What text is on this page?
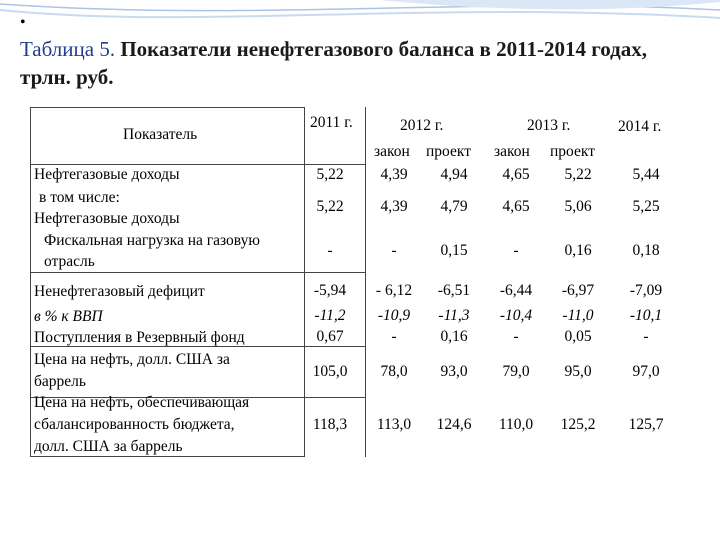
•
Таблица 5. Показатели ненефтегазового баланса в 2011-2014 годах, трлн. руб.
Показатель
2011 г.	2012 г.	2013 г.	2014 г.
закон проект закон проект
Нефтегазовые доходы	5,22	4,39	4,94	4,65	5,22	5,44
в том числе:
Нефтегазовые доходы
5,22	4,39	4,79	4,65	5,06	5,25
Фискальная нагрузка на газовую
отрасль
-	-	0,15	-	0,16	0,18
Ненефтегазовый дефицит	-5,94	- 6,12	-6,51	-6,44	-6,97	-7,09
в % к ВВП	-11,2	-10,9	-11,3	-10,4	-11,0	-10,1
Поступления в Резервный фонд	0,67	-	0,16	-	0,05	-
Цена на нефть, долл. США за
баррель
105,0	78,0	93,0	79,0	95,0	97,0
Цена на нефть, обеспечивающая
сбалансированность бюджета,
долл. США за баррель
118,3	113,0	124,6	110,0	125,2	125,7
